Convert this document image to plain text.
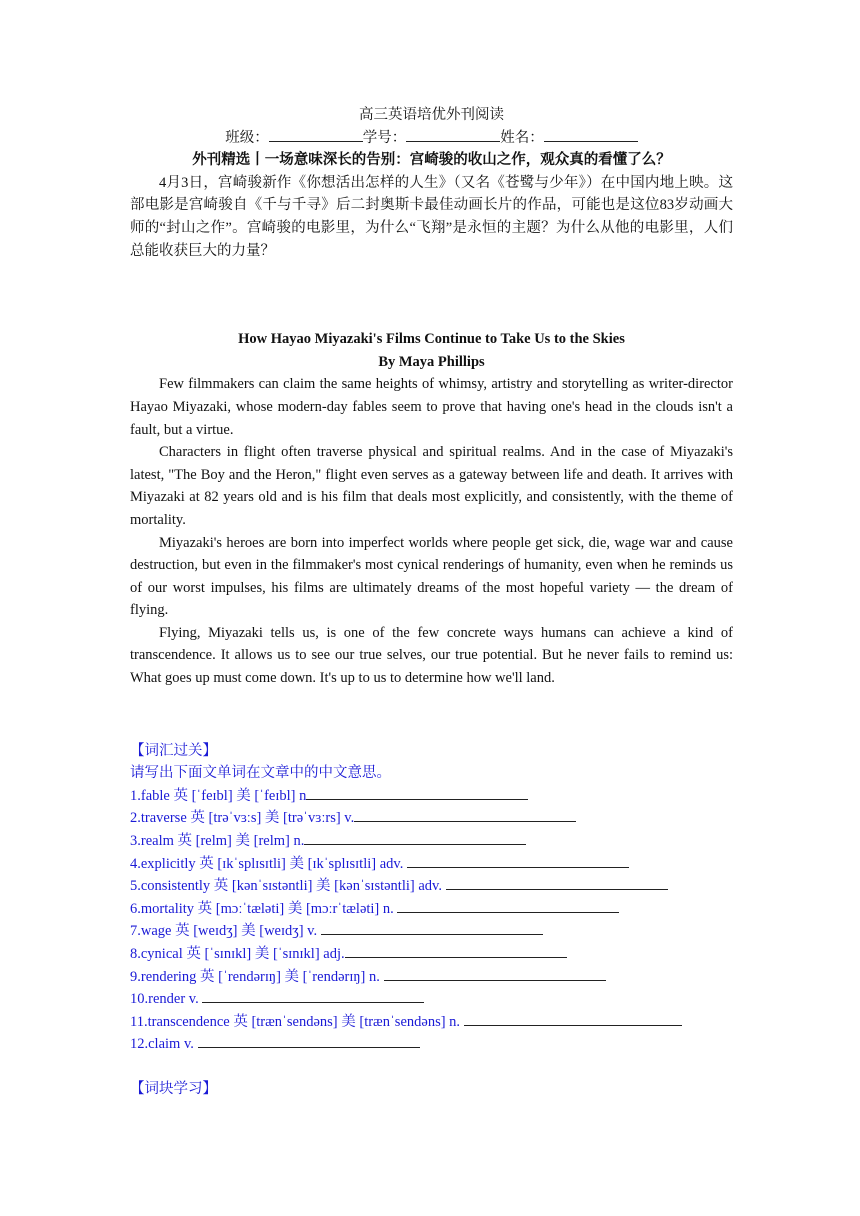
高三英语培优外刊阅读

班级：	学号：	姓名：

外刊精选丨一场意味深长的告别：宫崎骏的收山之作，观众真的看懂了么？

4月3日，宫崎骏新作《你想活出怎样的人生》（又名《苍鹭与少年》）在中国内地上映。这部电影是宫崎骏自《千与千寻》后二封奥斯卡最佳动画长片的作品，可能也是这位83岁动画大师的“封山之作”。宫崎骏的电影里，为什么“飞翔”是永恒的主题？为什么从他的电影里，人们总能收获巨大的力量？

How Hayao Miyazaki's Films Continue to Take Us to the Skies

By Maya Phillips

Few filmmakers can claim the same heights of whimsy, artistry and storytelling as writer-director Hayao Miyazaki, whose modern-day fables seem to prove that having one's head in the clouds isn't a fault, but a virtue.

Characters in flight often traverse physical and spiritual realms. And in the case of Miyazaki's latest, "The Boy and the Heron," flight even serves as a gateway between life and death. It arrives with Miyazaki at 82 years old and is his film that deals most explicitly, and consistently, with the theme of mortality.

Miyazaki's heroes are born into imperfect worlds where people get sick, die, wage war and cause destruction, but even in the filmmaker's most cynical renderings of humanity, even when he reminds us of our worst impulses, his films are ultimately dreams of the most hopeful variety — the dream of flying.

Flying, Miyazaki tells us, is one of the few concrete ways humans can achieve a kind of transcendence. It allows us to see our true selves, our true potential. But he never fails to remind us: What goes up must come down. It's up to us to determine how we'll land.

【词汇过关】

请写出下面文单词在文章中的中文意思。

1.fable 英 [ˈfeɪbl] 美 [ˈfeɪbl] n

2.traverse 英 [trəˈvɜːs] 美 [trəˈvɜːrs] v.

3.realm 英 [relm] 美 [relm] n.

4.explicitly 英 [ɪkˈsplɪsɪtli] 美 [ɪkˈsplɪsɪtli] adv.

5.consistently 英 [kənˈsɪstəntli] 美 [kənˈsɪstəntli] adv.

6.mortality 英 [mɔːˈtæləti] 美 [mɔːrˈtæləti] n.

7.wage 英 [weɪdʒ] 美 [weɪdʒ] v.

8.cynical 英 [ˈsɪnɪkl] 美 [ˈsɪnɪkl] adj.

9.rendering 英 [ˈrendərɪŋ] 美 [ˈrendərɪŋ] n.

10.render v.

11.transcendence 英 [trænˈsendəns] 美 [trænˈsendəns] n.

12.claim v.

【词块学习】
